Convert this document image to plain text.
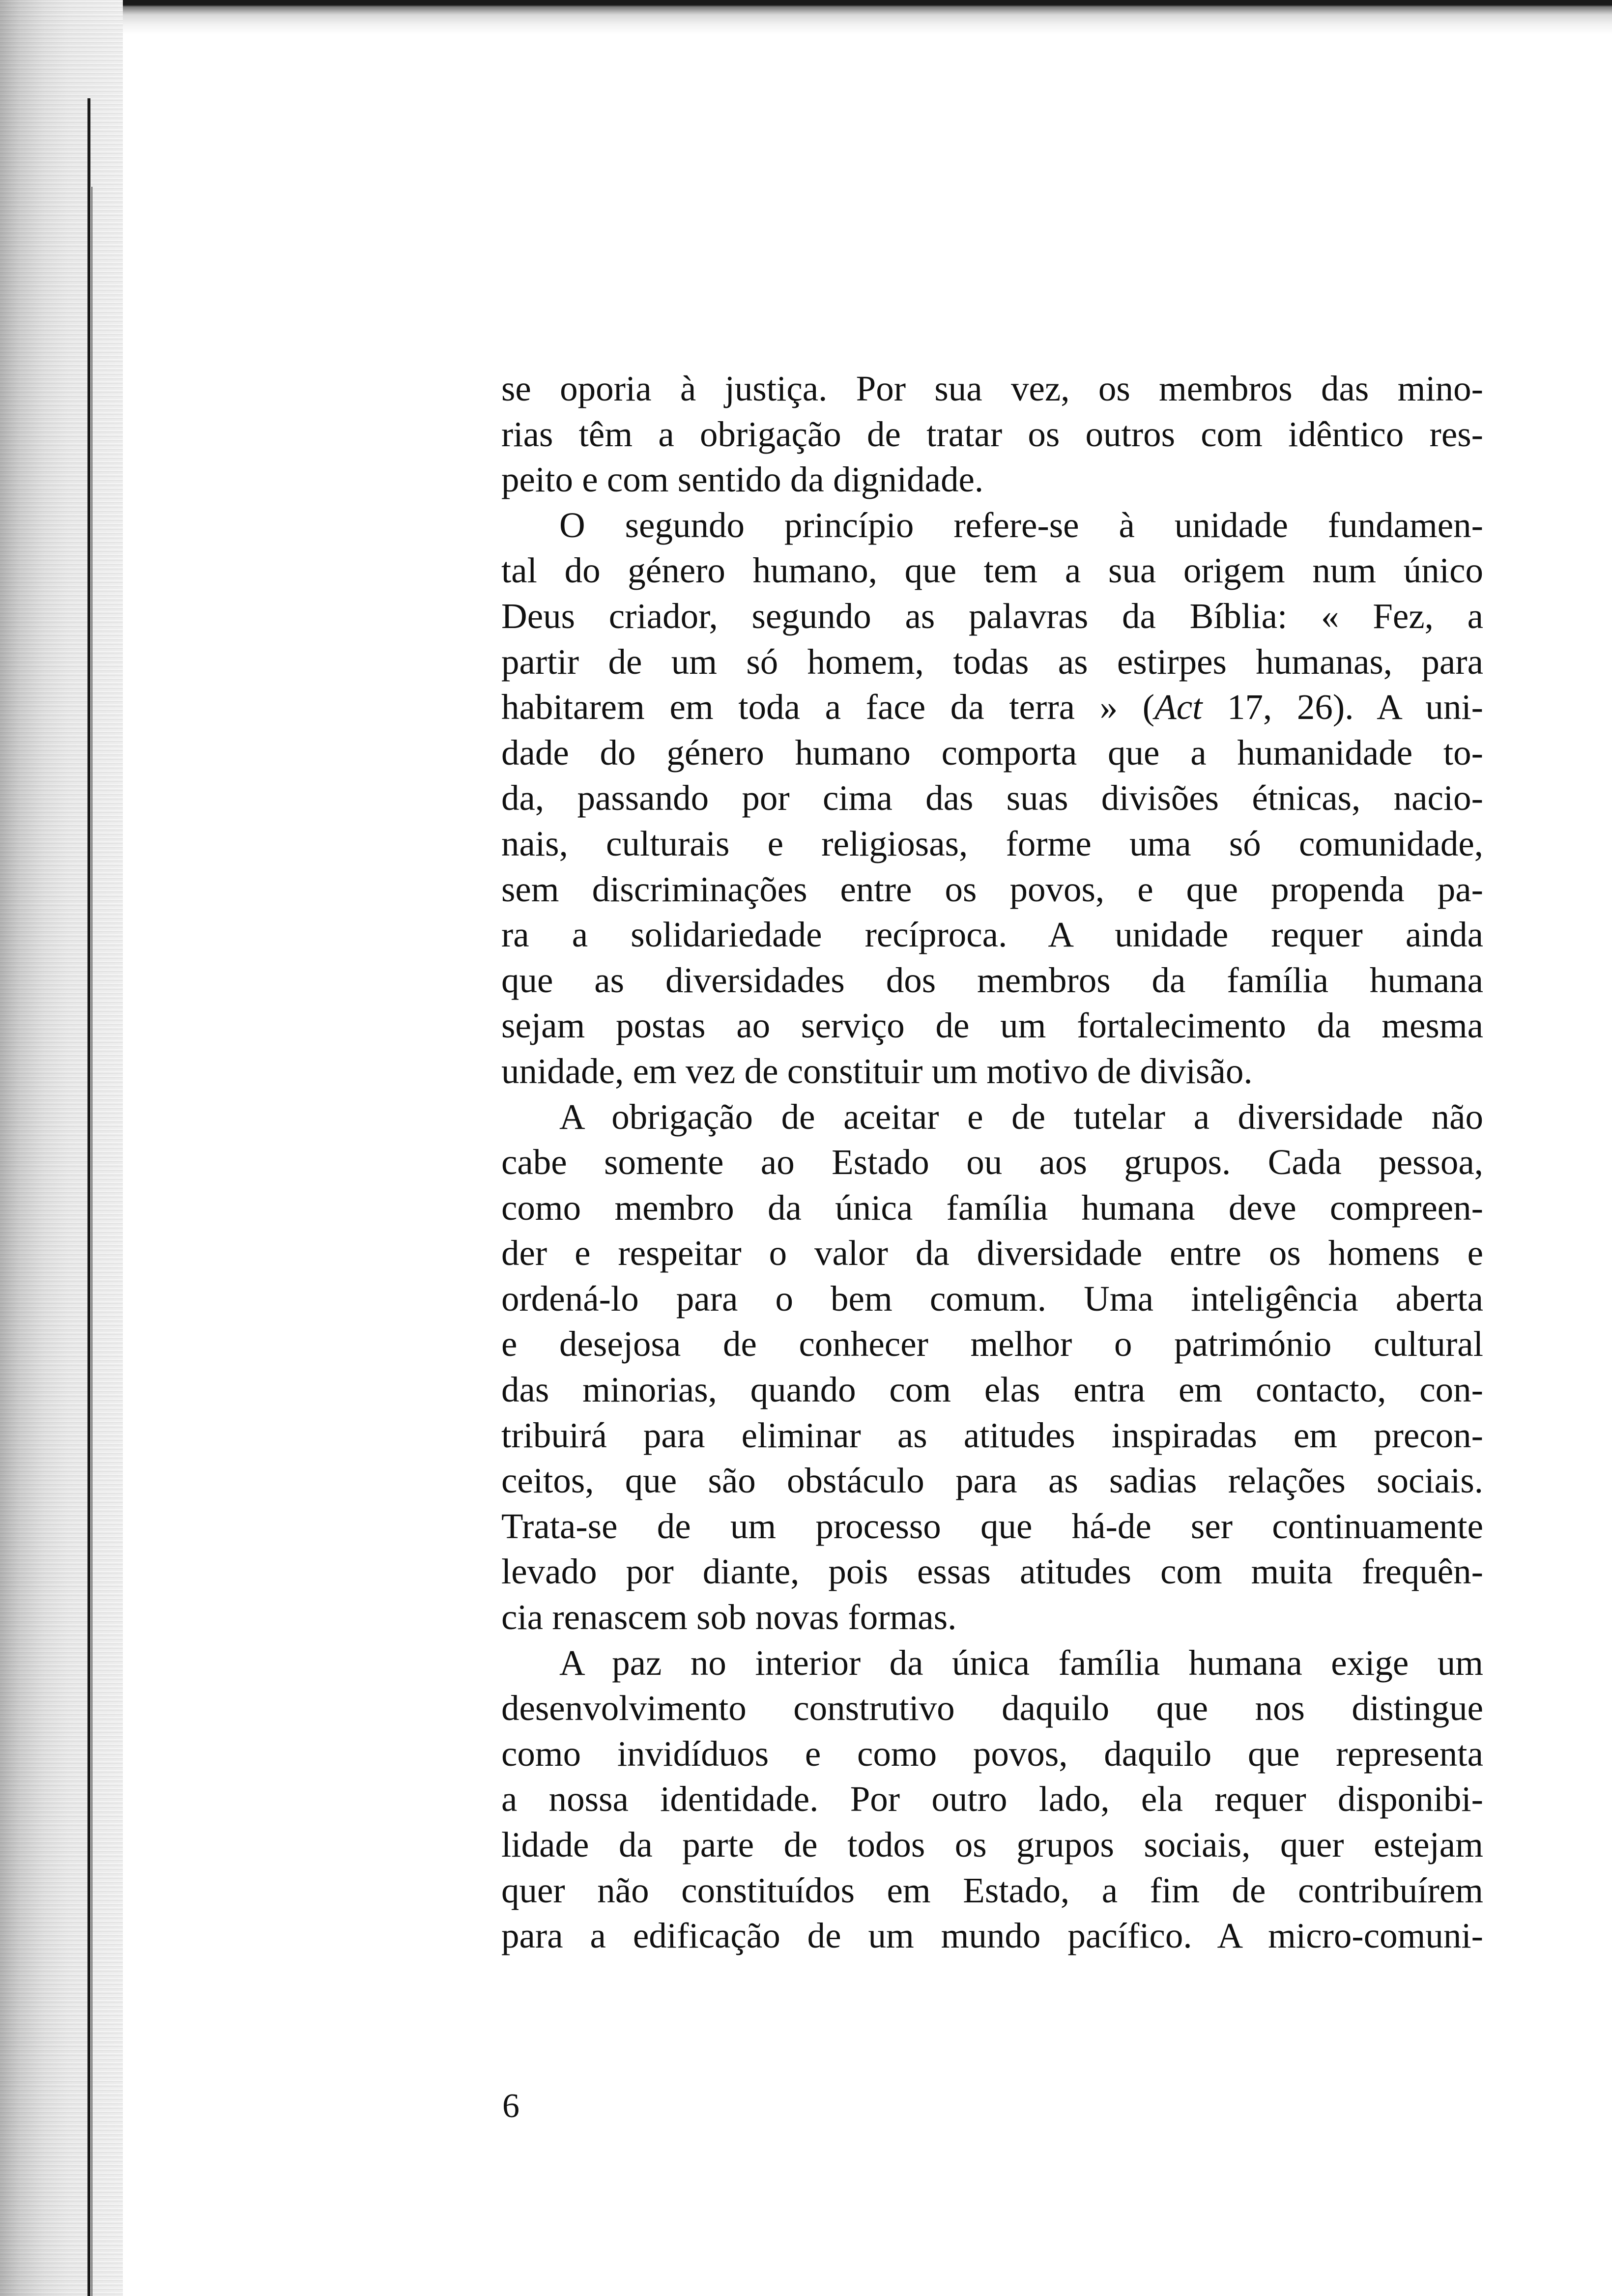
se oporia à justiça. Por sua vez, os membros das mino-
rias têm a obrigação de tratar os outros com idêntico res-
peito e com sentido da dignidade.

O segundo princípio refere-se à unidade fundamen-
tal do género humano, que tem a sua origem num único
Deus criador, segundo as palavras da Bíblia: « Fez, a
partir de um só homem, todas as estirpes humanas, para
habitarem em toda a face da terra » (Act 17, 26). A uni-
dade do género humano comporta que a humanidade to-
da, passando por cima das suas divisões étnicas, nacio-
nais, culturais e religiosas, forme uma só comunidade,
sem discriminações entre os povos, e que propenda pa-
ra a solidariedade recíproca. A unidade requer ainda
que as diversidades dos membros da família humana
sejam postas ao serviço de um fortalecimento da mesma
unidade, em vez de constituir um motivo de divisão.

A obrigação de aceitar e de tutelar a diversidade não
cabe somente ao Estado ou aos grupos. Cada pessoa,
como membro da única família humana deve compreen-
der e respeitar o valor da diversidade entre os homens e
ordená-lo para o bem comum. Uma inteligência aberta
e desejosa de conhecer melhor o património cultural
das minorias, quando com elas entra em contacto, con-
tribuirá para eliminar as atitudes inspiradas em precon-
ceitos, que são obstáculo para as sadias relações sociais.
Trata-se de um processo que há-de ser continuamente
levado por diante, pois essas atitudes com muita frequên-
cia renascem sob novas formas.

A paz no interior da única família humana exige um
desenvolvimento construtivo daquilo que nos distingue
como invidíduos e como povos, daquilo que representa
a nossa identidade. Por outro lado, ela requer disponibi-
lidade da parte de todos os grupos sociais, quer estejam
quer não constituídos em Estado, a fim de contribuírem
para a edificação de um mundo pacífico. A micro-comuni-

6
